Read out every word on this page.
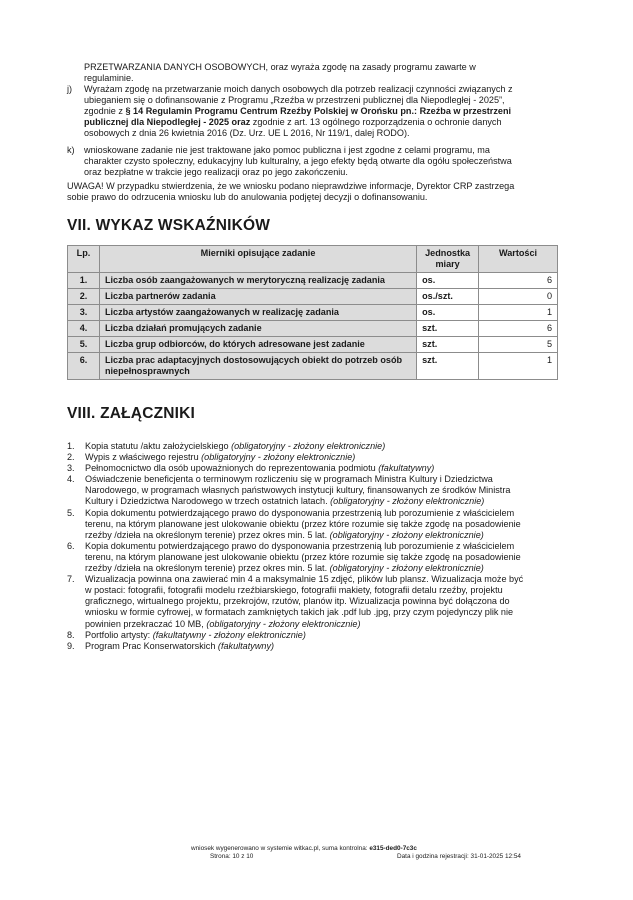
PRZETWARZANIA DANYCH OSOBOWYCH, oraz wyraża zgodę na zasady programu zawarte w
regulaminie.
j) Wyrażam zgodę na przetwarzanie moich danych osobowych dla potrzeb realizacji czynności związanych z
ubieganiem się o dofinansowanie z Programu „Rzeźba w przestrzeni publicznej dla Niepodległej - 2025”,
zgodnie z § 14 Regulamin Programu Centrum Rzeźby Polskiej w Orońsku pn.: Rzeźba w przestrzeni
publicznej dla Niepodległej - 2025 oraz zgodnie z art. 13 ogólnego rozporządzenia o ochronie danych
osobowych z dnia 26 kwietnia 2016 (Dz. Urz. UE L 2016, Nr 119/1, dalej RODO).
k) wnioskowane zadanie nie jest traktowane jako pomoc publiczna i jest zgodne z celami programu, ma
charakter czysto społeczny, edukacyjny lub kulturalny, a jego efekty będą otwarte dla ogółu społeczeństwa
oraz bezpłatne w trakcie jego realizacji oraz po jego zakończeniu.
UWAGA! W przypadku stwierdzenia, że we wniosku podano nieprawdziwe informacje, Dyrektor CRP zastrzega
sobie prawo do odrzucenia wniosku lub do anulowania podjętej decyzji o dofinansowaniu.
VII. WYKAZ WSKAŹNIKÓW
Lp.	Mierniki opisujące zadanie	Jednostka
miary	Wartości
1.	Liczba osób zaangażowanych w merytoryczną realizację zadania	os.	6
2.	Liczba partnerów zadania	os./szt.	0
3.	Liczba artystów zaangażowanych w realizację zadania	os.	1
4.	Liczba działań promujących zadanie	szt.	6
5.	Liczba grup odbiorców, do których adresowane jest zadanie	szt.	5
6.	Liczba prac adaptacyjnych dostosowujących obiekt do potrzeb osób
niepełnosprawnych	szt.	1
VIII. ZAŁĄCZNIKI
1. Kopia statutu /aktu założycielskiego (obligatoryjny - złożony elektronicznie)
2. Wypis z właściwego rejestru (obligatoryjny - złożony elektronicznie)
3. Pełnomocnictwo dla osób upoważnionych do reprezentowania podmiotu (fakultatywny)
4. Oświadczenie beneficjenta o terminowym rozliczeniu się w programach Ministra Kultury i Dziedzictwa
Narodowego, w programach własnych państwowych instytucji kultury, finansowanych ze środków Ministra
Kultury i Dziedzictwa Narodowego w trzech ostatnich latach. (obligatoryjny - złożony elektronicznie)
5. Kopia dokumentu potwierdzającego prawo do dysponowania przestrzenią lub porozumienie z właścicielem
terenu, na którym planowane jest ulokowanie obiektu (przez które rozumie się także zgodę na posadowienie
rzeźby /dzieła na określonym terenie) przez okres min. 5 lat. (obligatoryjny - złożony elektronicznie)
6. Kopia dokumentu potwierdzającego prawo do dysponowania przestrzenią lub porozumienie z właścicielem
terenu, na którym planowane jest ulokowanie obiektu (przez które rozumie się także zgodę na posadowienie
rzeźby /dzieła na określonym terenie) przez okres min. 5 lat. (obligatoryjny - złożony elektronicznie)
7. Wizualizacja powinna ona zawierać min 4 a maksymalnie 15 zdjęć, plików lub plansz. Wizualizacja może być
w postaci: fotografii, fotografii modelu rzeźbiarskiego, fotografii makiety, fotografii detalu rzeźby, projektu
graficznego, wirtualnego projektu, przekrojów, rzutów, planów itp. Wizualizacja powinna być dołączona do
wniosku w formie cyfrowej, w formatach zamkniętych takich jak .pdf lub .jpg, przy czym pojedynczy plik nie
powinien przekraczać 10 MB, (obligatoryjny - złożony elektronicznie)
8. Portfolio artysty: (fakultatywny - złożony elektronicznie)
9. Program Prac Konserwatorskich (fakultatywny)
wniosek wygenerowano w systemie witkac.pl, suma kontrolna: e315-ded0-7c3c
Strona: 10 z 10	Data i godzina rejestracji: 31-01-2025 12:54
